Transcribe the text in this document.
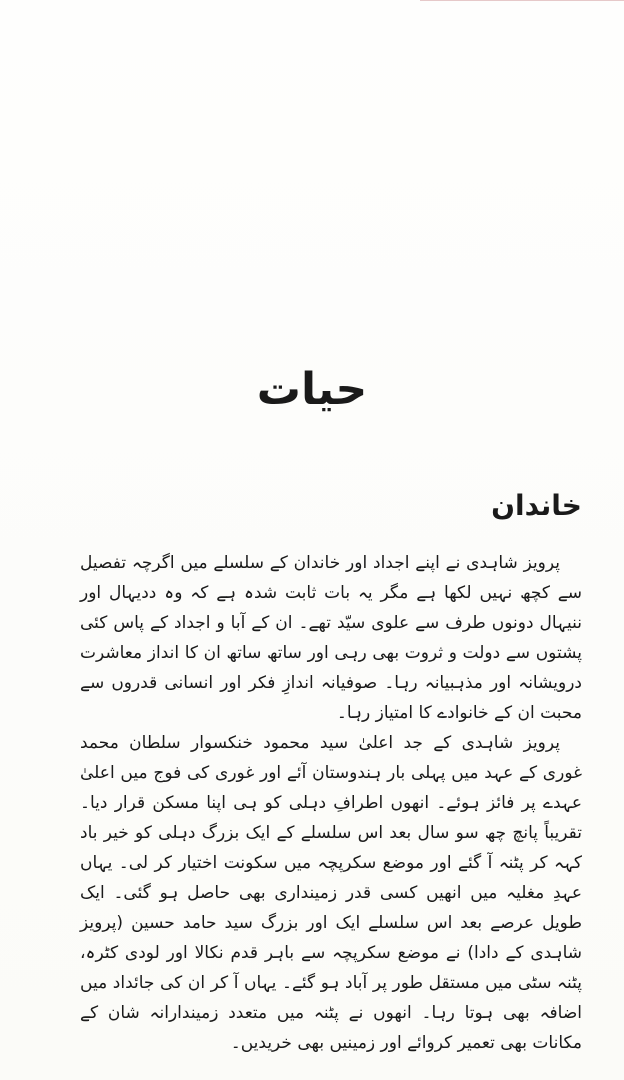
حیات
خاندان

پرویز شاہدی نے اپنے اجداد اور خاندان کے سلسلے میں اگرچہ تفصیل سے کچھ نہیں لکھا ہے مگر یہ بات ثابت شدہ ہے کہ وہ ددیہال اور ننیہال دونوں طرف سے علوی سیّد تھے۔ ان کے آبا و اجداد کے پاس کئی پشتوں سے دولت و ثروت بھی رہی اور ساتھ ساتھ ان کا انداز معاشرت درویشانہ اور مذہبیانہ رہا۔ صوفیانہ اندازِ فکر اور انسانی قدروں سے محبت ان کے خانوادے کا امتیاز رہا۔

پرویز شاہدی کے جد اعلیٰ سید محمود خنکسوار سلطان محمد غوری کے عہد میں پہلی بار ہندوستان آئے اور غوری کی فوج میں اعلیٰ عہدے پر فائز ہوئے۔ انھوں اطرافِ دہلی کو ہی اپنا مسکن قرار دیا۔ تقریباً پانچ چھ سو سال بعد اس سلسلے کے ایک بزرگ دہلی کو خیر باد کہہ کر پٹنہ آ گئے اور موضع سکرپچہ میں سکونت اختیار کر لی۔ یہاں عہدِ مغلیہ میں انھیں کسی قدر زمینداری بھی حاصل ہو گئی۔ ایک طویل عرصے بعد اس سلسلے ایک اور بزرگ سید حامد حسین (پرویز شاہدی کے دادا) نے موضع سکرپچہ سے باہر قدم نکالا اور لودی کٹرہ، پٹنہ سٹی میں مستقل طور پر آباد ہو گئے۔ یہاں آ کر ان کی جائداد میں اضافہ بھی ہوتا رہا۔ انھوں نے پٹنہ میں متعدد زمیندارانہ شان کے مکانات بھی تعمیر کروائے اور زمینیں بھی خریدیں۔
